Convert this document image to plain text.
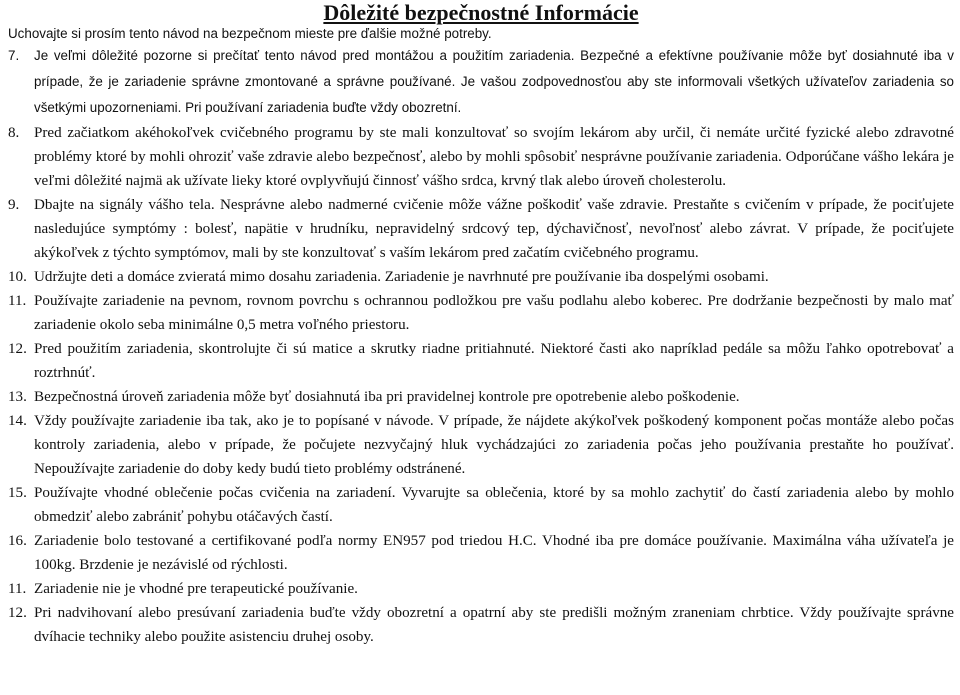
Dôležité bezpečnostné Informácie

Uchovajte si prosím tento návod na bezpečnom mieste pre ďalšie možné potreby.

7.	Je veľmi dôležité pozorne si prečítať tento návod pred montážou a použitím zariadenia. Bezpečné a efektívne používanie môže byť dosiahnuté iba v prípade, že je zariadenie správne zmontované a správne používané. Je vašou zodpovednosťou aby ste informovali všetkých užívateľov zariadenia so všetkými upozorneniami. Pri používaní zariadenia buďte vždy obozretní.
8. Pred začiatkom akéhokoľvek cvičebného programu by ste mali konzultovať so svojím lekárom aby určil, či nemáte určité fyzické alebo zdravotné problémy ktoré by mohli ohroziť vaše zdravie alebo bezpečnosť, alebo by mohli spôsobiť nesprávne používanie zariadenia. Odporúčane vášho lekára je veľmi dôležité najmä ak užívate lieky ktoré ovplyvňujú činnosť vášho srdca, krvný tlak alebo úroveň cholesterolu.
9. Dbajte na signály vášho tela. Nesprávne alebo nadmerné cvičenie môže vážne poškodiť vaše zdravie. Prestaňte s cvičením v prípade, že pociťujete nasledujúce symptómy : bolesť, napätie v hrudníku, nepravidelný srdcový tep, dýchavičnosť, nevoľnosť alebo závrat. V prípade, že pociťujete akýkoľvek z týchto symptómov, mali by ste konzultovať s vaším lekárom pred začatím cvičebného programu.
10. Udržujte deti a domáce zvieratá mimo dosahu zariadenia. Zariadenie je navrhnuté pre používanie iba dospelými osobami.
11. Používajte zariadenie na pevnom, rovnom povrchu s ochrannou podložkou pre vašu podlahu alebo koberec. Pre dodržanie bezpečnosti by malo mať zariadenie okolo seba minimálne 0,5 metra voľného priestoru.
12. Pred použitím zariadenia, skontrolujte či sú matice a skrutky riadne pritiahnuté. Niektoré časti ako napríklad pedále sa môžu ľahko opotrebovať a roztrhnúť.
13. Bezpečnostná úroveň zariadenia môže byť dosiahnutá iba pri pravidelnej kontrole pre opotrebenie alebo poškodenie.
14. Vždy používajte zariadenie iba tak, ako je to popísané v návode. V prípade, že nájdete akýkoľvek poškodený komponent počas montáže alebo počas kontroly zariadenia, alebo v prípade, že počujete nezvyčajný hluk vychádzajúci zo zariadenia počas jeho používania prestaňte ho používať. Nepoužívajte zariadenie do doby kedy budú tieto problémy odstránené.
15. Používajte vhodné oblečenie počas cvičenia na zariadení. Vyvarujte sa oblečenia, ktoré by sa mohlo zachytiť do častí zariadenia alebo by mohlo obmedziť alebo zabrániť pohybu otáčavých častí.
16. Zariadenie bolo testované a certifikované podľa normy EN957 pod triedou H.C. Vhodné iba pre domáce používanie. Maximálna váha užívateľa je 100kg. Brzdenie je nezávislé od rýchlosti.
11. Zariadenie nie je vhodné pre terapeutické používanie.
12. Pri nadvihovaní alebo presúvaní zariadenia buďte vždy obozretní a opatrní aby ste predišli možným zraneniam chrbtice. Vždy používajte správne dvíhacie techniky alebo použite asistenciu druhej osoby.
